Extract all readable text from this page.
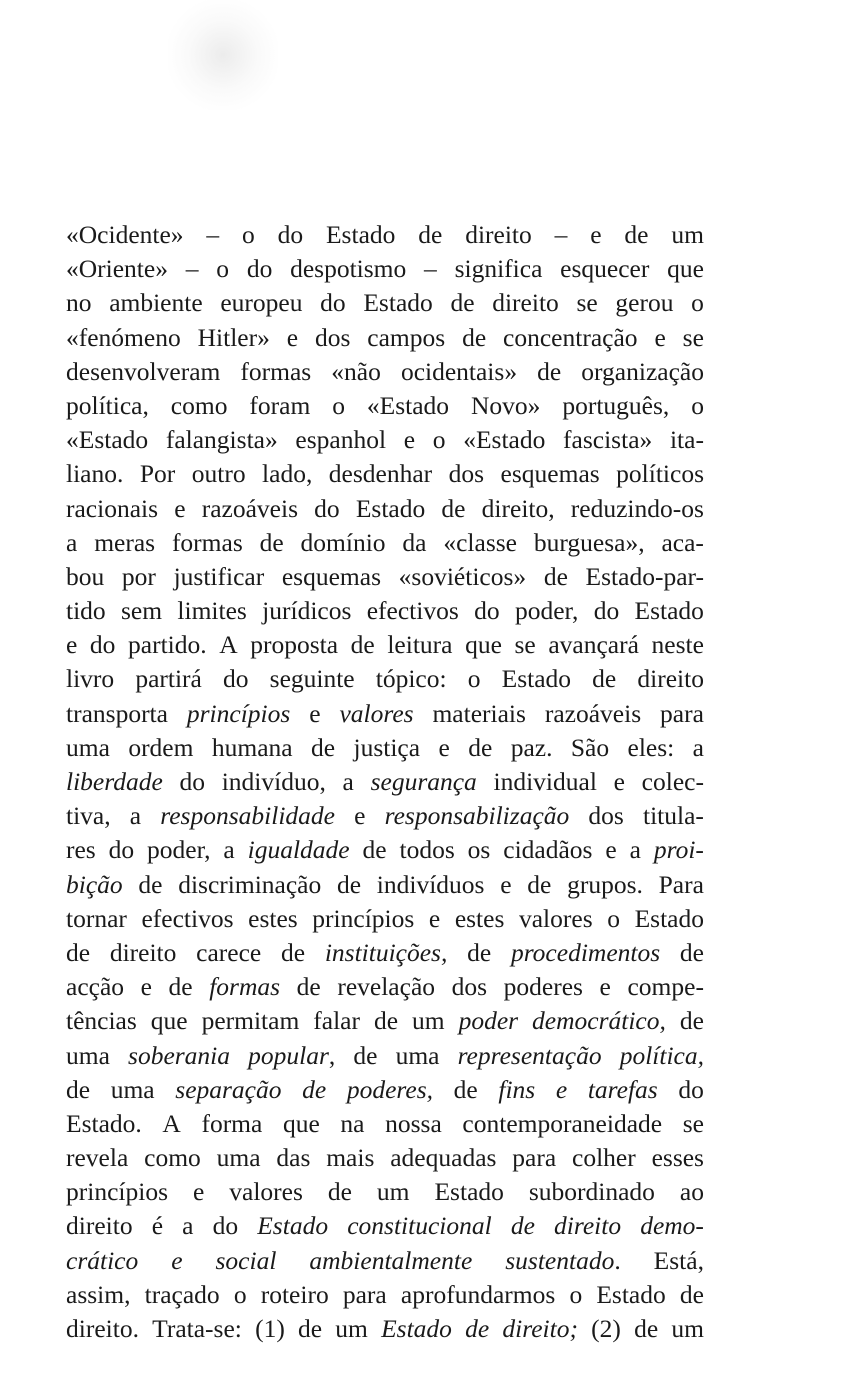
«Ocidente» – o do Estado de direito – e de um
«Oriente» – o do despotismo – significa esquecer que
no ambiente europeu do Estado de direito se gerou o
«fenómeno Hitler» e dos campos de concentração e se
desenvolveram formas «não ocidentais» de organização
política, como foram o «Estado Novo» português, o
«Estado falangista» espanhol e o «Estado fascista» ita-
liano. Por outro lado, desdenhar dos esquemas políticos
racionais e razoáveis do Estado de direito, reduzindo-os
a meras formas de domínio da «classe burguesa», aca-
bou por justificar esquemas «soviéticos» de Estado-par-
tido sem limites jurídicos efectivos do poder, do Estado
e do partido. A proposta de leitura que se avançará neste
livro partirá do seguinte tópico: o Estado de direito
transporta princípios e valores materiais razoáveis para
uma ordem humana de justiça e de paz. São eles: a
liberdade do indivíduo, a segurança individual e colec-
tiva, a responsabilidade e responsabilização dos titula-
res do poder, a igualdade de todos os cidadãos e a proi-
bição de discriminação de indivíduos e de grupos. Para
tornar efectivos estes princípios e estes valores o Estado
de direito carece de instituições, de procedimentos de
acção e de formas de revelação dos poderes e compe-
tências que permitam falar de um poder democrático, de
uma soberania popular, de uma representação política,
de uma separação de poderes, de fins e tarefas do
Estado. A forma que na nossa contemporaneidade se
revela como uma das mais adequadas para colher esses
princípios e valores de um Estado subordinado ao
direito é a do Estado constitucional de direito demo-
crático e social ambientalmente sustentado. Está,
assim, traçado o roteiro para aprofundarmos o Estado de
direito. Trata-se: (1) de um Estado de direito; (2) de um
